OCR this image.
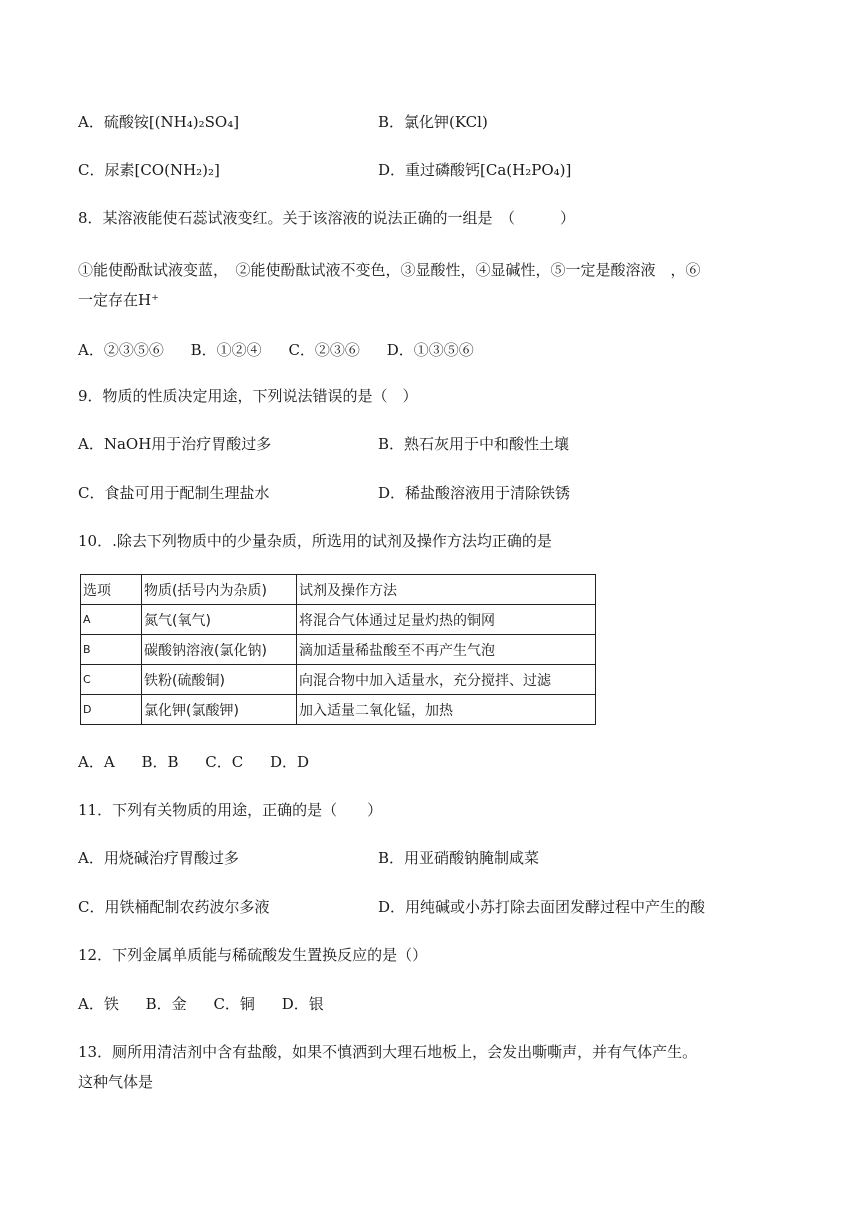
A．硫酸铵[(NH₄)₂SO₄]	B．氯化钾(KCl)
C．尿素[CO(NH₂)₂]	D．重过磷酸钙[Ca(H₂PO₄)]
8．某溶液能使石蕊试液变红。关于该溶液的说法正确的一组是　（　　　）
①能使酚酞试液变蓝，　②能使酚酞试液不变色，③显酸性，④显碱性，⑤一定是酸溶液　，⑥
一定存在H⁺
A．②③⑤⑥ B．①②④ C．②③⑥ D．①③⑤⑥
9．物质的性质决定用途，下列说法错误的是（　）
A．NaOH用于治疗胃酸过多	B．熟石灰用于中和酸性土壤
C．食盐可用于配制生理盐水	D．稀盐酸溶液用于清除铁锈
10．.除去下列物质中的少量杂质，所选用的试剂及操作方法均正确的是
选项	物质(括号内为杂质)	试剂及操作方法
A	氮气(氧气)	将混合气体通过足量灼热的铜网
B	碳酸钠溶液(氯化钠)	滴加适量稀盐酸至不再产生气泡
C	铁粉(硫酸铜)	向混合物中加入适量水，充分搅拌、过滤
D	氯化钾(氯酸钾)	加入适量二氧化锰，加热
A．A B．B C．C D．D
11．下列有关物质的用途，正确的是（　　）
A．用烧碱治疗胃酸过多	B．用亚硝酸钠腌制咸菜
C．用铁桶配制农药波尔多液	D．用纯碱或小苏打除去面团发酵过程中产生的酸
12．下列金属单质能与稀硫酸发生置换反应的是（）
A．铁 B．金 C．铜 D．银
13．厕所用清洁剂中含有盐酸，如果不慎洒到大理石地板上，会发出嘶嘶声，并有气体产生。
这种气体是
